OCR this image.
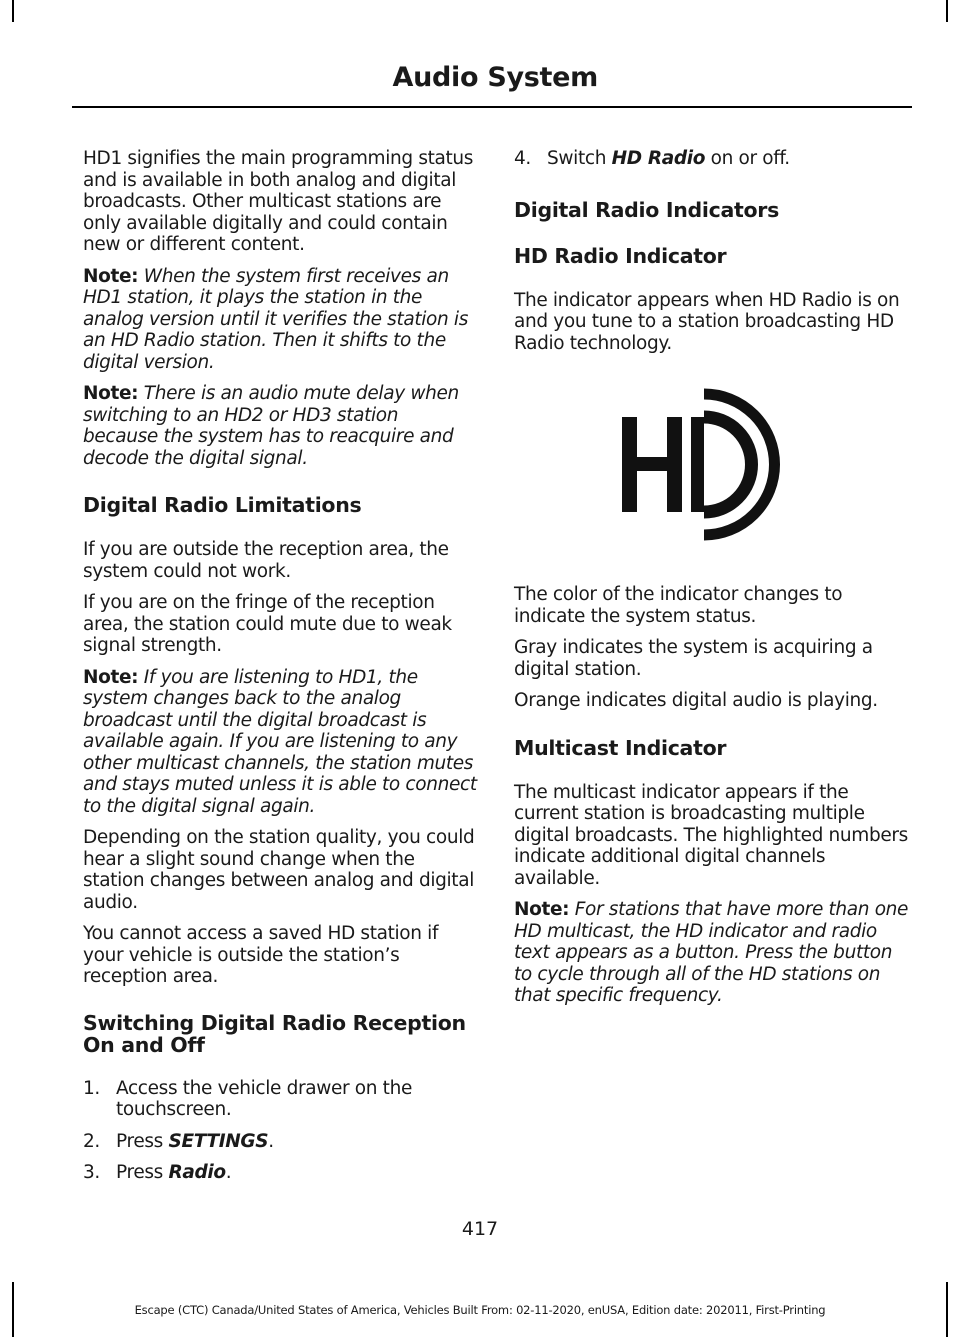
Audio System

HD1 signifies the main programming status and is available in both analog and digital broadcasts. Other multicast stations are only available digitally and could contain new or different content.

Note: When the system first receives an HD1 station, it plays the station in the analog version until it verifies the station is an HD Radio station. Then it shifts to the digital version.

Note: There is an audio mute delay when switching to an HD2 or HD3 station because the system has to reacquire and decode the digital signal.

Digital Radio Limitations

If you are outside the reception area, the system could not work.

If you are on the fringe of the reception area, the station could mute due to weak signal strength.

Note: If you are listening to HD1, the system changes back to the analog broadcast until the digital broadcast is available again. If you are listening to any other multicast channels, the station mutes and stays muted unless it is able to connect to the digital signal again.

Depending on the station quality, you could hear a slight sound change when the station changes between analog and digital audio.

You cannot access a saved HD station if your vehicle is outside the station’s reception area.

Switching Digital Radio Reception On and Off
1. Access the vehicle drawer on the touchscreen.
2. Press SETTINGS.
3. Press Radio.
4. Switch HD Radio on or off.
Digital Radio Indicators
HD Radio Indicator

The indicator appears when HD Radio is on and you tune to a station broadcasting HD Radio technology.

The color of the indicator changes to indicate the system status.

Gray indicates the system is acquiring a digital station.

Orange indicates digital audio is playing.

Multicast Indicator

The multicast indicator appears if the current station is broadcasting multiple digital broadcasts. The highlighted numbers indicate additional digital channels available.

Note: For stations that have more than one HD multicast, the HD indicator and radio text appears as a button. Press the button to cycle through all of the HD stations on that specific frequency.

417
Escape (CTC) Canada/United States of America, Vehicles Built From: 02-11-2020, enUSA, Edition date: 202011, First-Printing
